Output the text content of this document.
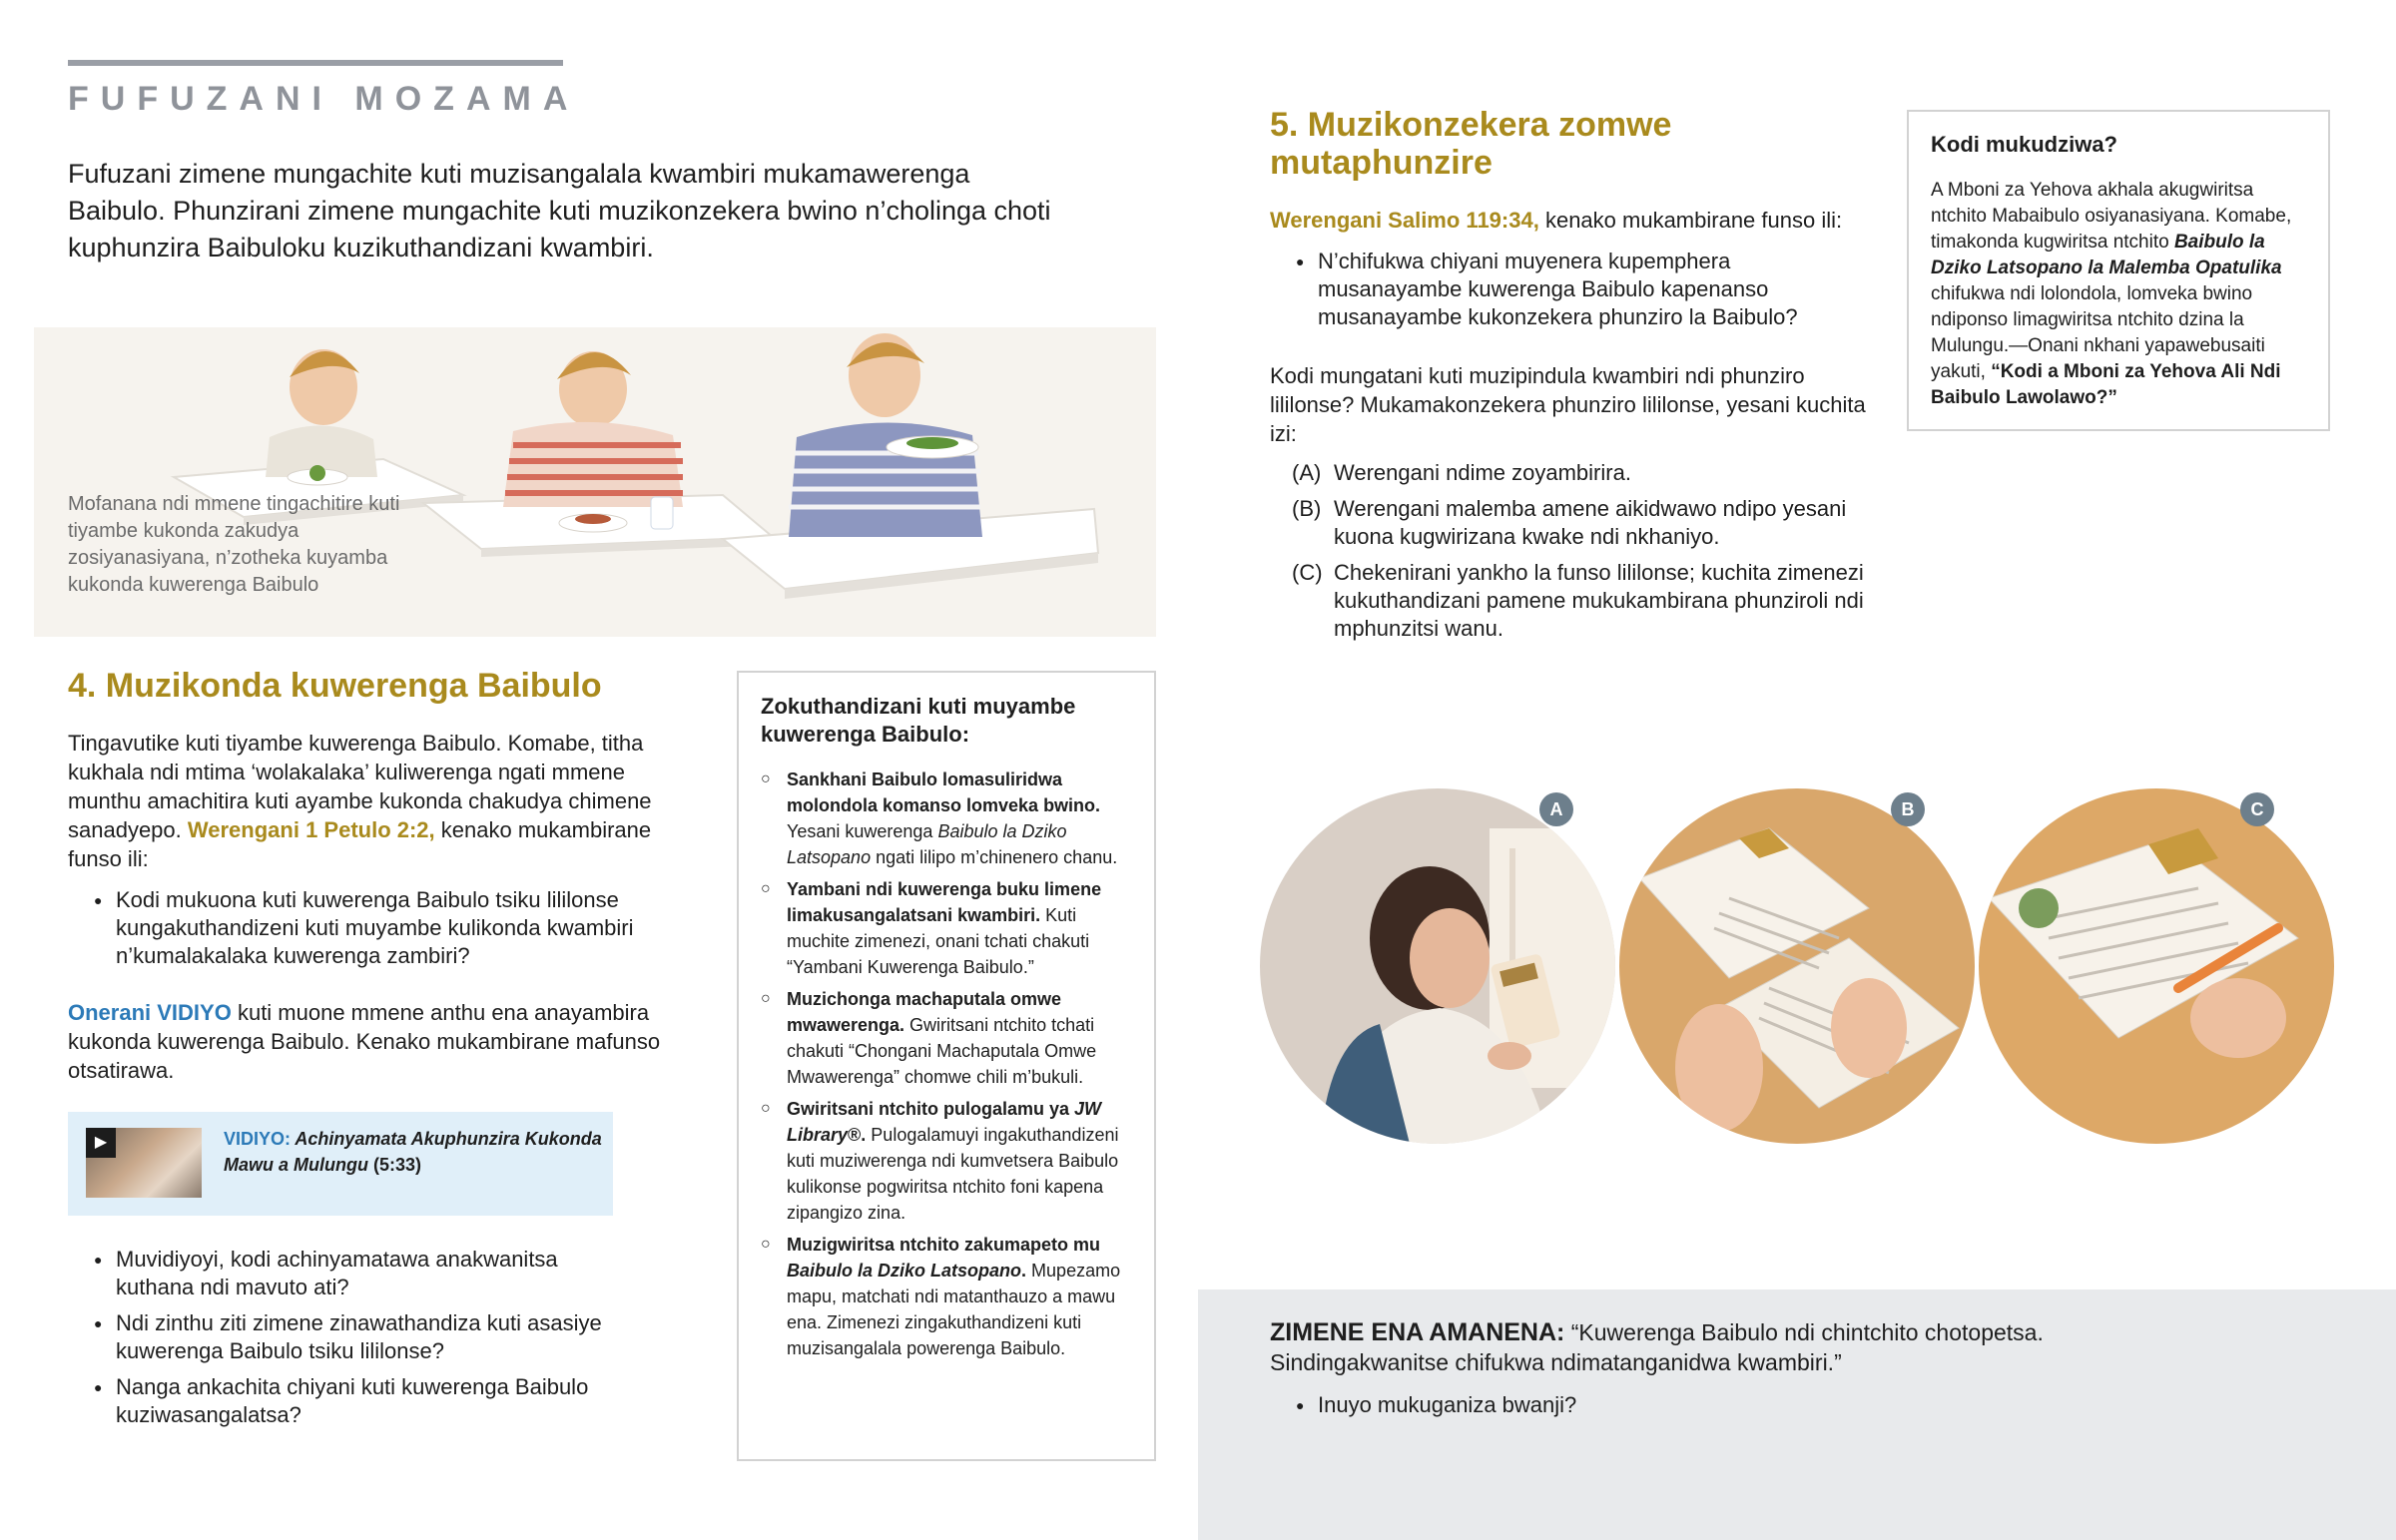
FUFUZANI MOZAMA
Fufuzani zimene mungachite kuti muzisangalala kwambiri mukamawerenga Baibulo. Phunzirani zimene mungachite kuti muzikonzekera bwino n’cholinga choti kuphunzira Baibuloku kuzikuthandizani kwambiri.
Mofanana ndi mmene tingachitire kuti tiyambe kukonda zakudya zosiyanasiyana, n’zotheka kuyamba kukonda kuwerenga Baibulo
4. Muzikonda kuwerenga Baibulo
Tingavutike kuti tiyambe kuwerenga Baibulo. Komabe, titha kukhala ndi mtima ‘wolakalaka’ kuliwerenga ngati mmene munthu amachitira kuti ayambe kukonda chakudya chimene sanadyepo. Werengani 1 Petulo 2:2, kenako mukambirane funso ili:
● Kodi mukuona kuti kuwerenga Baibulo tsiku lililonse kungakuthandizeni kuti muyambe kulikonda kwambiri n’kumalakalaka kuwerenga zambiri?
Onerani VIDIYO kuti muone mmene anthu ena anayambira kukonda kuwerenga Baibulo. Kenako mukambirane mafunso otsatirawa.
▶	VIDIYO: Achinyamata Akuphunzira Kukonda Mawu a Mulungu (5:33)
● Muvidiyoyi, kodi achinyamatawa anakwanitsa kuthana ndi mavuto ati?
● Ndi zinthu ziti zimene zinawathandiza kuti asasiye kuwerenga Baibulo tsiku lililonse?
● Nanga ankachita chiyani kuti kuwerenga Baibulo kuziwasangalatsa?
Zokuthandizani kuti muyambe kuwerenga Baibulo:
○ Sankhani Baibulo lomasuliridwa molondola komanso lomveka bwino. Yesani kuwerenga Baibulo la Dziko Latsopano ngati lilipo m’chinenero chanu.
○ Yambani ndi kuwerenga buku limene limakusangalatsani kwambiri. Kuti muchite zimenezi, onani tchati chakuti “Yambani Kuwerenga Baibulo.”
○ Muzichonga machaputala omwe mwawerenga. Gwiritsani ntchito tchati chakuti “Chongani Machaputala Omwe Mwawerenga” chomwe chili m’bukuli.
○ Gwiritsani ntchito pulogalamu ya JW Library®. Pulogalamuyi ingakuthandizeni kuti muziwerenga ndi kumvetsera Baibulo kulikonse pogwiritsa ntchito foni kapena zipangizo zina.
○ Muzigwiritsa ntchito zakumapeto mu Baibulo la Dziko Latsopano. Mupezamo mapu, matchati ndi matanthauzo a mawu ena. Zimenezi zingakuthandizeni kuti muzisangalala powerenga Baibulo.
5. Muzikonzekera zomwe mutaphunzire
Werengani Salimo 119:34, kenako mukambirane funso ili:
● N’chifukwa chiyani muyenera kupemphera musanayambe kuwerenga Baibulo kapenanso musanayambe kukonzekera phunziro la Baibulo?
Kodi mungatani kuti muzipindula kwambiri ndi phunziro lililonse? Mukamakonzekera phunziro lililonse, yesani kuchita izi:
(A) Werengani ndime zoyambirira.
(B) Werengani malemba amene aikidwawo ndipo yesani kuona kugwirizana kwake ndi nkhaniyo.
(C) Chekenirani yankho la funso lililonse; kuchita zimenezi kukuthandizani pamene mukukambirana phunziroli ndi mphunzitsi wanu.
Kodi mukudziwa?

A Mboni za Yehova akhala akugwiritsa ntchito Mabaibulo osiyanasiyana. Komabe, timakonda kugwiritsa ntchito Baibulo la Dziko Latsopano la Malemba Opatulika chifukwa ndi lolondola, lomveka bwino ndiponso limagwiritsa ntchito dzina la Mulungu.—Onani nkhani yapawebusaiti yakuti, “Kodi a Mboni za Yehova Ali Ndi Baibulo Lawolawo?”

A	B	C
ZIMENE ENA AMANENA: “Kuwerenga Baibulo ndi chintchito chotopetsa. Sindingakwanitse chifukwa ndimatanganidwa kwambiri.”
● Inuyo mukuganiza bwanji?
